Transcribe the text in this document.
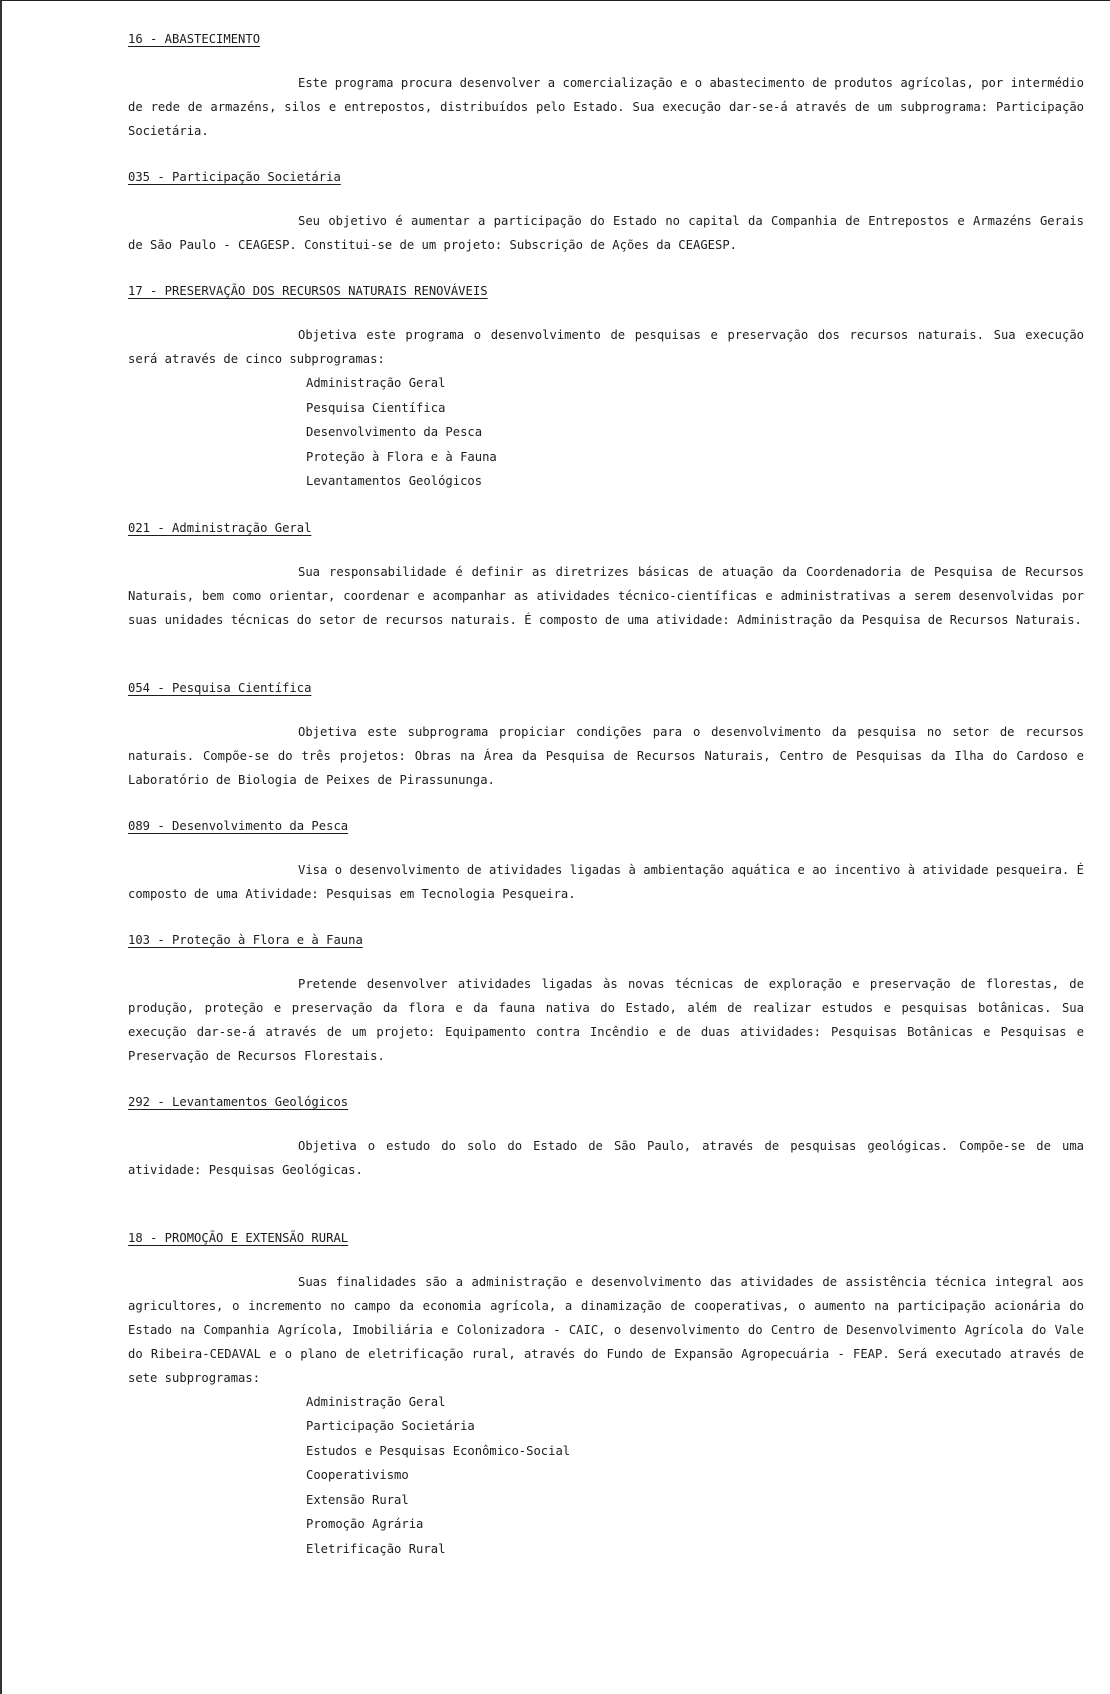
16 - ABASTECIMENTO

Este programa procura desenvolver a comercialização e o abastecimento de produtos agrícolas, por intermédio de rede de armazéns, silos e entrepostos, distribuídos pelo Estado. Sua execução dar-se-á através de um subprograma: Participação Societária.

035 - Participação Societária

Seu objetivo é aumentar a participação do Estado no capital da Companhia de Entrepostos e Armazéns Gerais de São Paulo - CEAGESP. Constitui-se de um projeto: Subscrição de Ações da CEAGESP.

17 - PRESERVAÇÃO DOS RECURSOS NATURAIS RENOVÁVEIS

Objetiva este programa o desenvolvimento de pesquisas e preservação dos recursos naturais. Sua execução será através de cinco subprogramas:

Administração Geral
Pesquisa Científica
Desenvolvimento da Pesca
Proteção à Flora e à Fauna
Levantamentos Geológicos
021 - Administração Geral

Sua responsabilidade é definir as diretrizes básicas de atuação da Coordenadoria de Pesquisa de Recursos Naturais, bem como orientar, coordenar e acompanhar as atividades técnico-científicas e administrativas a serem desenvolvidas por suas unidades técnicas do setor de recursos naturais. É composto de uma atividade: Administração da Pesquisa de Recursos Naturais.

054 - Pesquisa Científica

Objetiva este subprograma propiciar condições para o desenvolvimento da pesquisa no setor de recursos naturais. Compõe-se do três projetos: Obras na Área da Pesquisa de Recursos Naturais, Centro de Pesquisas da Ilha do Cardoso e Laboratório de Biologia de Peixes de Pirassununga.

089 - Desenvolvimento da Pesca

Visa o desenvolvimento de atividades ligadas à ambientação aquática e ao incentivo à atividade pesqueira. É composto de uma Atividade: Pesquisas em Tecnologia Pesqueira.

103 - Proteção à Flora e à Fauna

Pretende desenvolver atividades ligadas às novas técnicas de exploração e preservação de florestas, de produção, proteção e preservação da flora e da fauna nativa do Estado, além de realizar estudos e pesquisas botânicas. Sua execução dar-se-á através de um projeto: Equipamento contra Incêndio e de duas atividades: Pesquisas Botânicas e Pesquisas e Preservação de Recursos Florestais.

292 - Levantamentos Geológicos

Objetiva o estudo do solo do Estado de São Paulo, através de pesquisas geológicas. Compõe-se de uma atividade: Pesquisas Geológicas.

18 - PROMOÇÃO E EXTENSÃO RURAL

Suas finalidades são a administração e desenvolvimento das atividades de assistência técnica integral aos agricultores, o incremento no campo da economia agrícola, a dinamização de cooperativas, o aumento na participação acionária do Estado na Companhia Agrícola, Imobiliária e Colonizadora - CAIC, o desenvolvimento do Centro de Desenvolvimento Agrícola do Vale do Ribeira-CEDAVAL e o plano de eletrificação rural, através do Fundo de Expansão Agropecuária - FEAP. Será executado através de sete subprogramas:

Administração Geral
Participação Societária
Estudos e Pesquisas Econômico-Social
Cooperativismo
Extensão Rural
Promoção Agrária
Eletrificação Rural
